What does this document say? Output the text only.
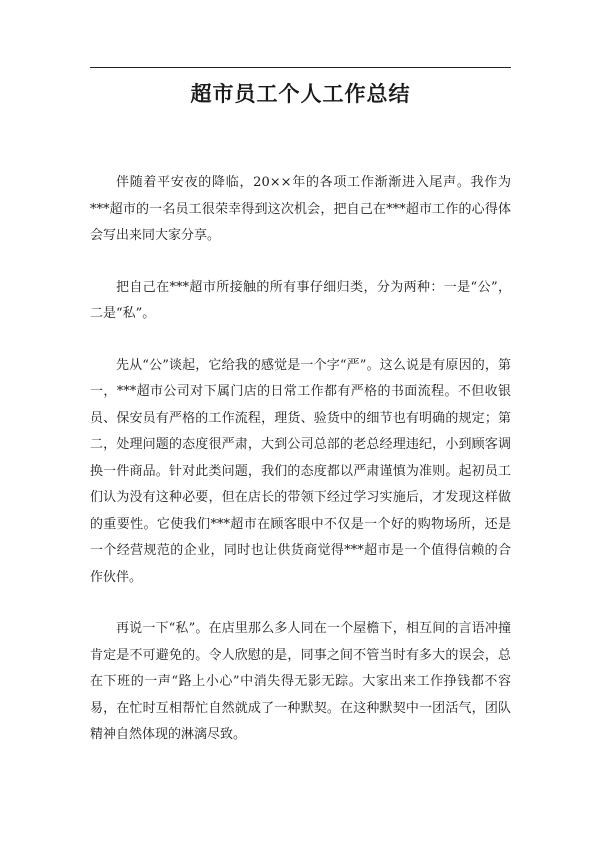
超市员工个人工作总结

伴随着平安夜的降临，20××年的各项工作渐渐进入尾声。我作为***超市的一名员工很荣幸得到这次机会，把自己在***超市工作的心得体会写出来同大家分享。

把自己在***超市所接触的所有事仔细归类，分为两种：一是“公”，二是“私”。

先从“公”谈起，它给我的感觉是一个字“严”。这么说是有原因的，第一，***超市公司对下属门店的日常工作都有严格的书面流程。不但收银员、保安员有严格的工作流程，理货、验货中的细节也有明确的规定；第二，处理问题的态度很严肃，大到公司总部的老总经理违纪，小到顾客调换一件商品。针对此类问题，我们的态度都以严肃谨慎为准则。起初员工们认为没有这种必要，但在店长的带领下经过学习实施后，才发现这样做的重要性。它使我们***超市在顾客眼中不仅是一个好的购物场所，还是一个经营规范的企业，同时也让供货商觉得***超市是一个值得信赖的合作伙伴。

再说一下“私”。在店里那么多人同在一个屋檐下，相互间的言语冲撞肯定是不可避免的。令人欣慰的是，同事之间不管当时有多大的误会，总在下班的一声“路上小心”中消失得无影无踪。大家出来工作挣钱都不容易，在忙时互相帮忙自然就成了一种默契。在这种默契中一团活气，团队精神自然体现的淋漓尽致。
